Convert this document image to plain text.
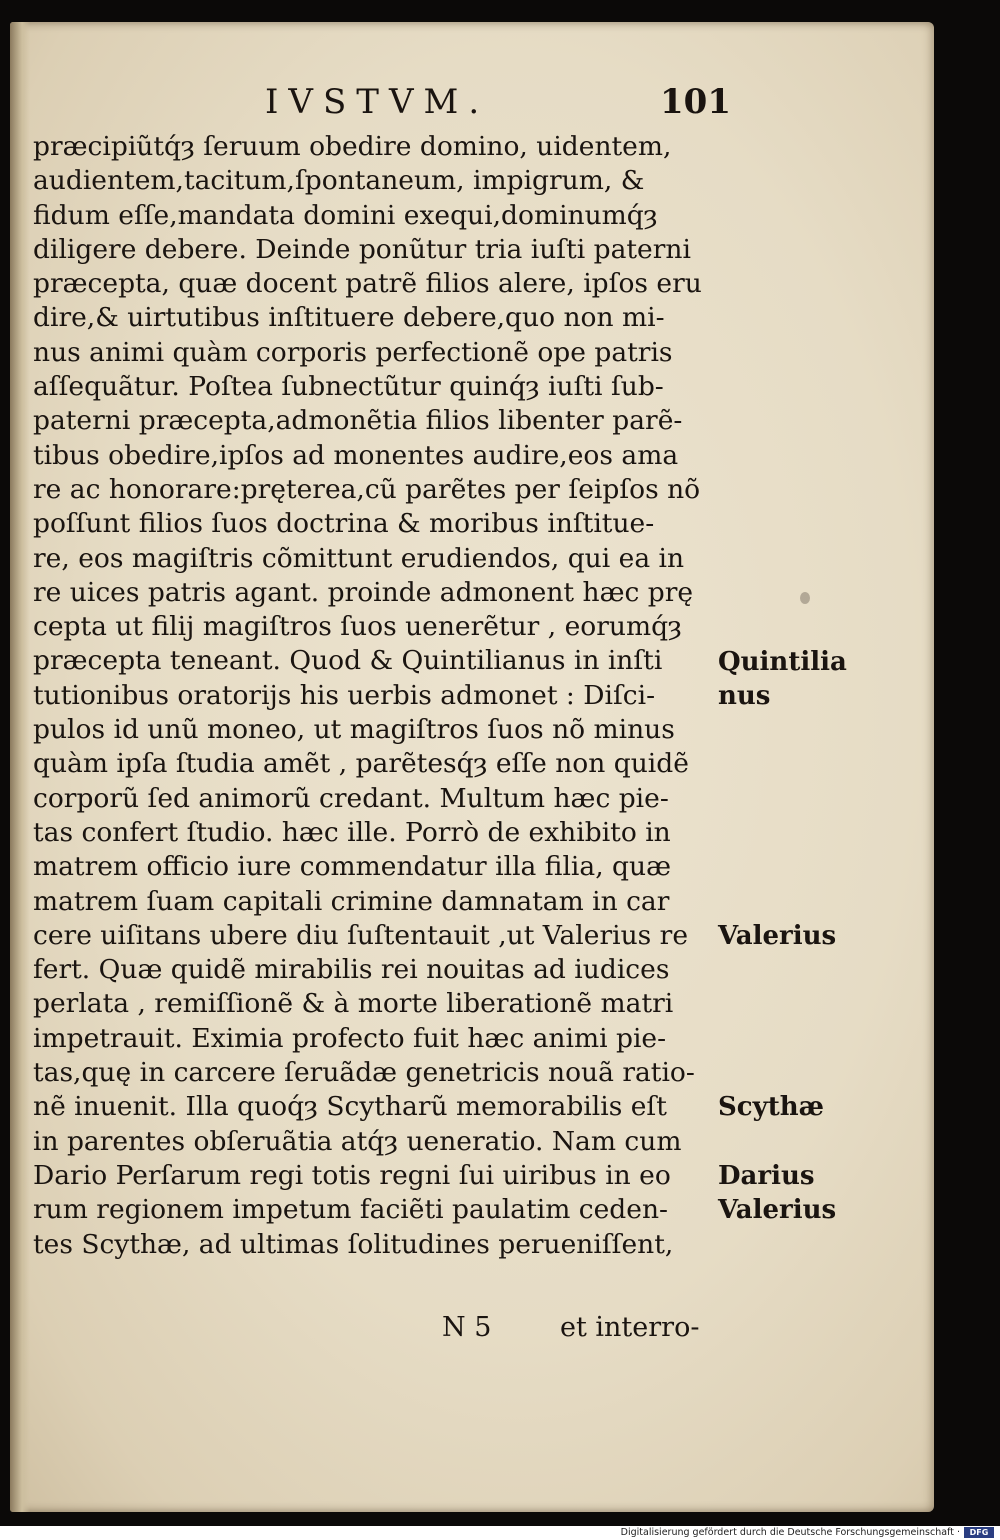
IVSTVM.	101
præcipiũtq́ȝ ſeruum obedire domino, uidentem,
audientem,tacitum,ſpontaneum, impigrum, &
fidum eſſe,mandata domini exequi,dominumq́ȝ
diligere debere. Deinde ponũtur tria iuſti paterni
præcepta, quæ docent patrẽ filios alere, ipſos eru
dire,& uirtutibus inſtituere debere,quo non mi-
nus animi quàm corporis perfectionẽ ope patris
aſſequãtur. Poſtea ſubnectũtur quinq́ȝ iuſti ſub-
paterni præcepta,admonẽtia filios libenter parẽ-
tibus obedire,ipſos ad monentes audire,eos ama
re ac honorare:pręterea,cũ parẽtes per ſeipſos nõ
poſſunt filios ſuos doctrina & moribus inſtitue-
re, eos magiſtris cõmittunt erudiendos, qui ea in
re uices patris agant. proinde admonent hæc prę
cepta ut filij magiſtros ſuos uenerẽtur , eorumq́ȝ
præcepta teneant. Quod & Quintilianus in inſti
tutionibus oratorijs his uerbis admonet : Diſci-
pulos id unũ moneo, ut magiſtros ſuos nõ minus
quàm ipſa ſtudia amẽt , parẽtesq́ȝ eſſe non quidẽ
corporũ ſed animorũ credant. Multum hæc pie-
tas confert ſtudio. hæc ille. Porrò de exhibito in
matrem officio iure commendatur illa filia, quæ
matrem ſuam capitali crimine damnatam in car
cere uiſitans ubere diu ſuſtentauit ,ut Valerius re
fert. Quæ quidẽ mirabilis rei nouitas ad iudices
perlata , remiſſionẽ & à morte liberationẽ matri
impetrauit. Eximia profecto fuit hæc animi pie-
tas,quę in carcere ſeruãdæ genetricis nouã ratio-
nẽ inuenit. Illa quoq́ȝ Scytharũ memorabilis eſt
in parentes obſeruãtia atq́ȝ ueneratio. Nam cum
Dario Perſarum regi totis regni ſui uiribus in eo
rum regionem impetum faciẽti paulatim ceden-
tes Scythæ, ad ultimas ſolitudines perueniſſent,
Quintilia
nus
Valerius
Scythæ
Darius
Valerius
N 5	et interro-
Digitalisierung gefördert durch die Deutsche Forschungsgemeinschaft ·	DFG
